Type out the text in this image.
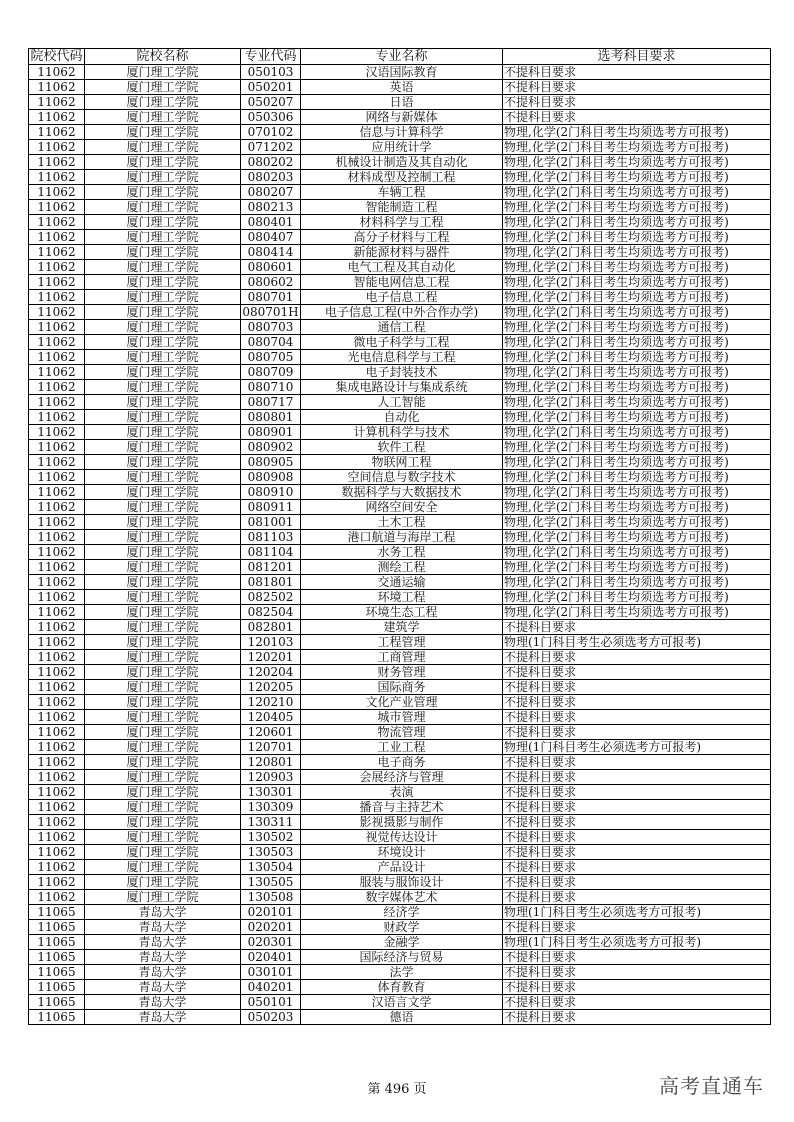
院校代码	院校名称	专业代码	专业名称	选考科目要求
11062	厦门理工学院	050103	汉语国际教育	不提科目要求
11062	厦门理工学院	050201	英语	不提科目要求
11062	厦门理工学院	050207	日语	不提科目要求
11062	厦门理工学院	050306	网络与新媒体	不提科目要求
11062	厦门理工学院	070102	信息与计算科学	物理,化学(2门科目考生均须选考方可报考)
11062	厦门理工学院	071202	应用统计学	物理,化学(2门科目考生均须选考方可报考)
11062	厦门理工学院	080202	机械设计制造及其自动化	物理,化学(2门科目考生均须选考方可报考)
11062	厦门理工学院	080203	材料成型及控制工程	物理,化学(2门科目考生均须选考方可报考)
11062	厦门理工学院	080207	车辆工程	物理,化学(2门科目考生均须选考方可报考)
11062	厦门理工学院	080213	智能制造工程	物理,化学(2门科目考生均须选考方可报考)
11062	厦门理工学院	080401	材料科学与工程	物理,化学(2门科目考生均须选考方可报考)
11062	厦门理工学院	080407	高分子材料与工程	物理,化学(2门科目考生均须选考方可报考)
11062	厦门理工学院	080414	新能源材料与器件	物理,化学(2门科目考生均须选考方可报考)
11062	厦门理工学院	080601	电气工程及其自动化	物理,化学(2门科目考生均须选考方可报考)
11062	厦门理工学院	080602	智能电网信息工程	物理,化学(2门科目考生均须选考方可报考)
11062	厦门理工学院	080701	电子信息工程	物理,化学(2门科目考生均须选考方可报考)
11062	厦门理工学院	080701H	电子信息工程(中外合作办学)	物理,化学(2门科目考生均须选考方可报考)
11062	厦门理工学院	080703	通信工程	物理,化学(2门科目考生均须选考方可报考)
11062	厦门理工学院	080704	微电子科学与工程	物理,化学(2门科目考生均须选考方可报考)
11062	厦门理工学院	080705	光电信息科学与工程	物理,化学(2门科目考生均须选考方可报考)
11062	厦门理工学院	080709	电子封装技术	物理,化学(2门科目考生均须选考方可报考)
11062	厦门理工学院	080710	集成电路设计与集成系统	物理,化学(2门科目考生均须选考方可报考)
11062	厦门理工学院	080717	人工智能	物理,化学(2门科目考生均须选考方可报考)
11062	厦门理工学院	080801	自动化	物理,化学(2门科目考生均须选考方可报考)
11062	厦门理工学院	080901	计算机科学与技术	物理,化学(2门科目考生均须选考方可报考)
11062	厦门理工学院	080902	软件工程	物理,化学(2门科目考生均须选考方可报考)
11062	厦门理工学院	080905	物联网工程	物理,化学(2门科目考生均须选考方可报考)
11062	厦门理工学院	080908	空间信息与数字技术	物理,化学(2门科目考生均须选考方可报考)
11062	厦门理工学院	080910	数据科学与大数据技术	物理,化学(2门科目考生均须选考方可报考)
11062	厦门理工学院	080911	网络空间安全	物理,化学(2门科目考生均须选考方可报考)
11062	厦门理工学院	081001	土木工程	物理,化学(2门科目考生均须选考方可报考)
11062	厦门理工学院	081103	港口航道与海岸工程	物理,化学(2门科目考生均须选考方可报考)
11062	厦门理工学院	081104	水务工程	物理,化学(2门科目考生均须选考方可报考)
11062	厦门理工学院	081201	测绘工程	物理,化学(2门科目考生均须选考方可报考)
11062	厦门理工学院	081801	交通运输	物理,化学(2门科目考生均须选考方可报考)
11062	厦门理工学院	082502	环境工程	物理,化学(2门科目考生均须选考方可报考)
11062	厦门理工学院	082504	环境生态工程	物理,化学(2门科目考生均须选考方可报考)
11062	厦门理工学院	082801	建筑学	不提科目要求
11062	厦门理工学院	120103	工程管理	物理(1门科目考生必须选考方可报考)
11062	厦门理工学院	120201	工商管理	不提科目要求
11062	厦门理工学院	120204	财务管理	不提科目要求
11062	厦门理工学院	120205	国际商务	不提科目要求
11062	厦门理工学院	120210	文化产业管理	不提科目要求
11062	厦门理工学院	120405	城市管理	不提科目要求
11062	厦门理工学院	120601	物流管理	不提科目要求
11062	厦门理工学院	120701	工业工程	物理(1门科目考生必须选考方可报考)
11062	厦门理工学院	120801	电子商务	不提科目要求
11062	厦门理工学院	120903	会展经济与管理	不提科目要求
11062	厦门理工学院	130301	表演	不提科目要求
11062	厦门理工学院	130309	播音与主持艺术	不提科目要求
11062	厦门理工学院	130311	影视摄影与制作	不提科目要求
11062	厦门理工学院	130502	视觉传达设计	不提科目要求
11062	厦门理工学院	130503	环境设计	不提科目要求
11062	厦门理工学院	130504	产品设计	不提科目要求
11062	厦门理工学院	130505	服装与服饰设计	不提科目要求
11062	厦门理工学院	130508	数字媒体艺术	不提科目要求
11065	青岛大学	020101	经济学	物理(1门科目考生必须选考方可报考)
11065	青岛大学	020201	财政学	不提科目要求
11065	青岛大学	020301	金融学	物理(1门科目考生必须选考方可报考)
11065	青岛大学	020401	国际经济与贸易	不提科目要求
11065	青岛大学	030101	法学	不提科目要求
11065	青岛大学	040201	体育教育	不提科目要求
11065	青岛大学	050101	汉语言文学	不提科目要求
11065	青岛大学	050203	德语	不提科目要求
第 496 页	高考直通车
